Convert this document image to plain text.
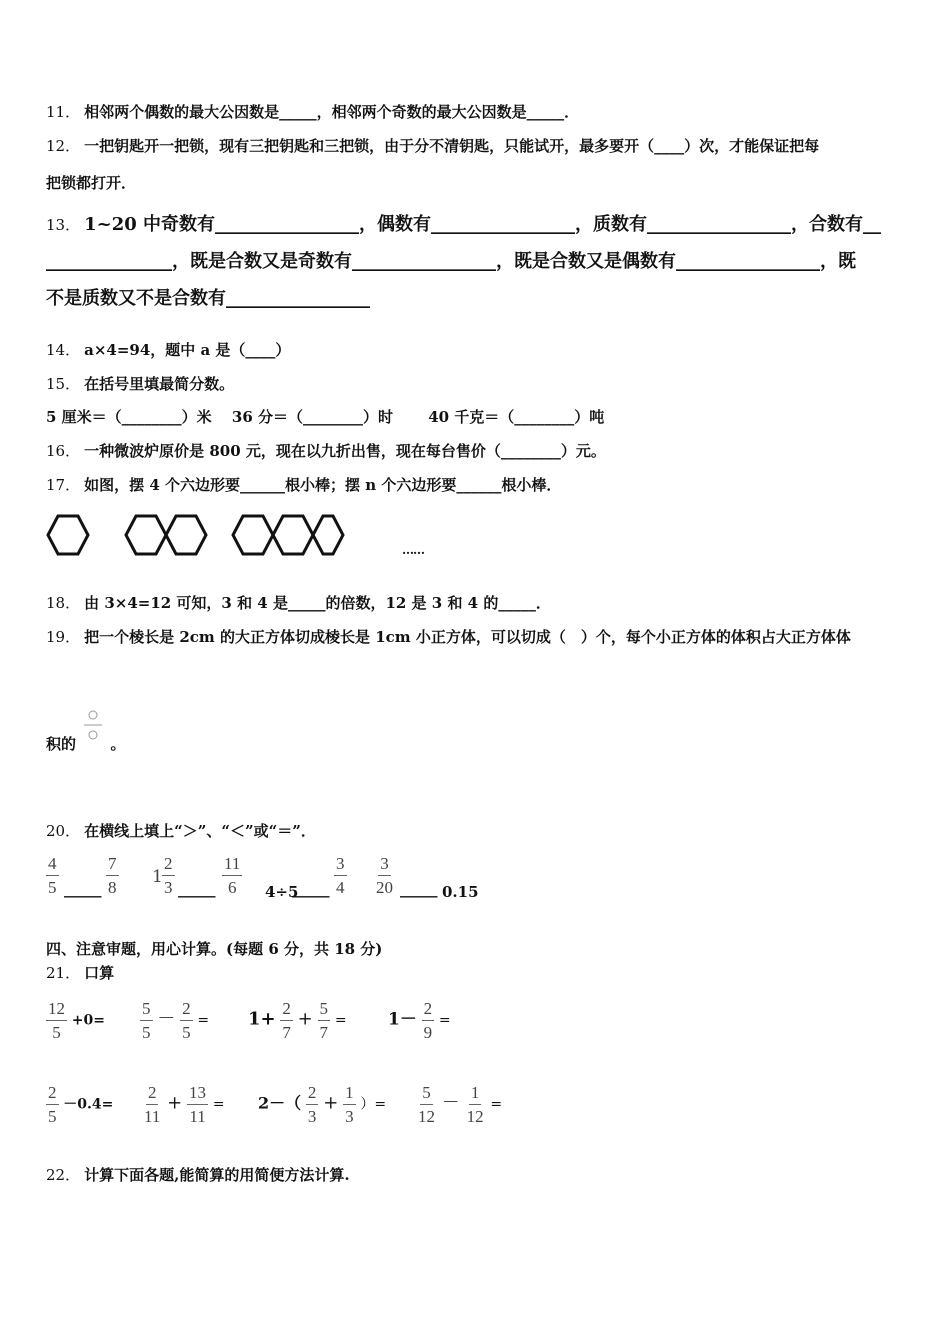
11． 相邻两个偶数的最大公因数是_____，相邻两个奇数的最大公因数是_____．
12． 一把钥匙开一把锁，现有三把钥匙和三把锁，由于分不清钥匙，只能试开，最多要开（____）次，才能保证把每
把锁都打开．
13． 1~20 中奇数有________________，偶数有________________，质数有________________，合数有__
______________，既是合数又是奇数有________________，既是合数又是偶数有________________，既
不是质数又不是合数有________________
14． a×4=94，题中 a 是（____）
15． 在括号里填最简分数。
5 厘米＝（________）米　 36 分＝（________）时　　 40 千克＝（________）吨
16． 一种微波炉原价是 800 元，现在以九折出售，现在每台售价（________）元。
17． 如图，摆 4 个六边形要______根小棒；摆 n 个六边形要______根小棒．
……
18． 由 3×4=12 可知，3 和 4 是_____的倍数，12 是 3 和 4 的_____．
19． 把一个棱长是 2cm 的大正方体切成棱长是 1cm 小正方体，可以切成（　）个，每个小正方体的体积占大正方体体
积的 。
20． 在横线上填上“＞”、“＜”或“＝”．
$\frac{4}{5}$ _____ $\frac{7}{8} 1 \frac{2}{3}$ _____ $\frac{11}{6} 4\div 5$
_____ $\frac{3}{4} \frac{3}{20}$ _____ 0.15
四、注意审题，用心计算。(每题 6 分，共 18 分)
21． 口算
$\frac{12}{5} +0= \frac{5}{5} - \frac{2}{5} = 1+ \frac{2}{7} + \frac{5}{7} = 1- \frac{2}{9}$ =
$\frac{2}{5} -0.4= \frac{2}{11} + \frac{13}{11} = 2-( \frac{2}{3} + \frac{1}{3}$ ）= $\frac{5}{12} - \frac{1}{12}$ =
22． 计算下面各题,能简算的用简便方法计算.
